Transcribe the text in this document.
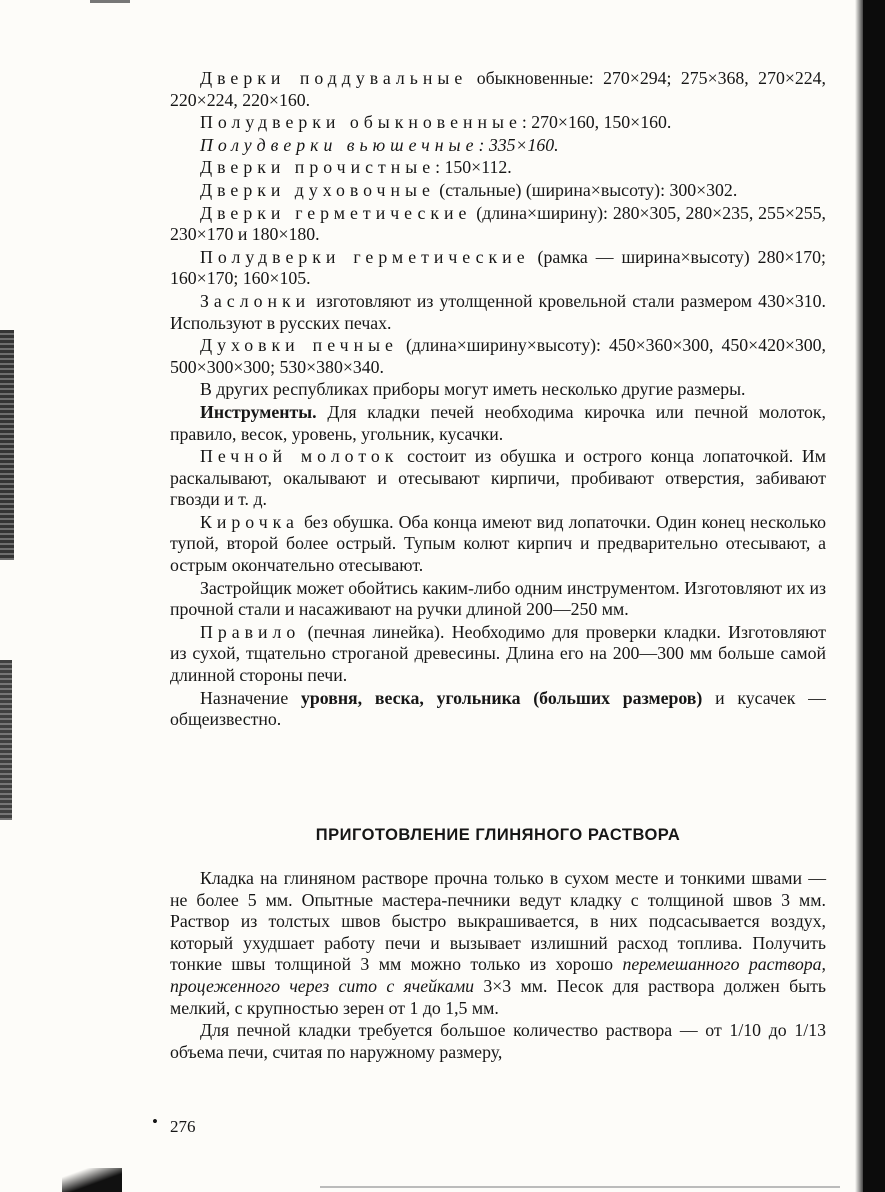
Дверки поддувальные обыкновенные: 270×294; 275×368, 270×224, 220×224, 220×160.

Полудверки обыкновенные: 270×160, 150×160.

Полудверки вьюшечные: 335×160.

Дверки прочистные: 150×112.

Дверки духовочные (стальные) (ширина×высоту): 300×302.

Дверки герметические (длина×ширину): 280×305, 280×235, 255×255, 230×170 и 180×180.

Полудверки герметические (рамка — ширина×высоту) 280×170; 160×170; 160×105.

Заслонки изготовляют из утолщенной кровельной стали размером 430×310. Используют в русских печах.

Духовки печные (длина×ширину×высоту): 450×360×300, 450×420×300, 500×300×300; 530×380×340.

В других республиках приборы могут иметь несколько другие размеры.

Инструменты. Для кладки печей необходима кирочка или печной молоток, правило, весок, уровень, угольник, кусачки.

Печной молоток состоит из обушка и острого конца лопаточкой. Им раскалывают, окалывают и отесывают кирпичи, пробивают отверстия, забивают гвозди и т. д.

Кирочка без обушка. Оба конца имеют вид лопаточки. Один конец несколько тупой, второй более острый. Тупым колют кирпич и предварительно отесывают, а острым окончательно отесывают.

Застройщик может обойтись каким-либо одним инструментом. Изготовляют их из прочной стали и насаживают на ручки длиной 200—250 мм.

Правило (печная линейка). Необходимо для проверки кладки. Изготовляют из сухой, тщательно строганой древесины. Длина его на 200—300 мм больше самой длинной стороны печи.

Назначение уровня, веска, угольника (больших размеров) и кусачек — общеизвестно.

ПРИГОТОВЛЕНИЕ ГЛИНЯНОГО РАСТВОРА

Кладка на глиняном растворе прочна только в сухом месте и тонкими швами — не более 5 мм. Опытные мастера-печники ведут кладку с толщиной швов 3 мм. Раствор из толстых швов быстро выкрашивается, в них подсасывается воздух, который ухудшает работу печи и вызывает излишний расход топлива. Получить тонкие швы толщиной 3 мм можно только из хорошо перемешанного раствора, процеженного через сито с ячейками 3×3 мм. Песок для раствора должен быть мелкий, с крупностью зерен от 1 до 1,5 мм.

Для печной кладки требуется большое количество раствора — от 1/10 до 1/13 объема печи, считая по наружному размеру,

• 276
